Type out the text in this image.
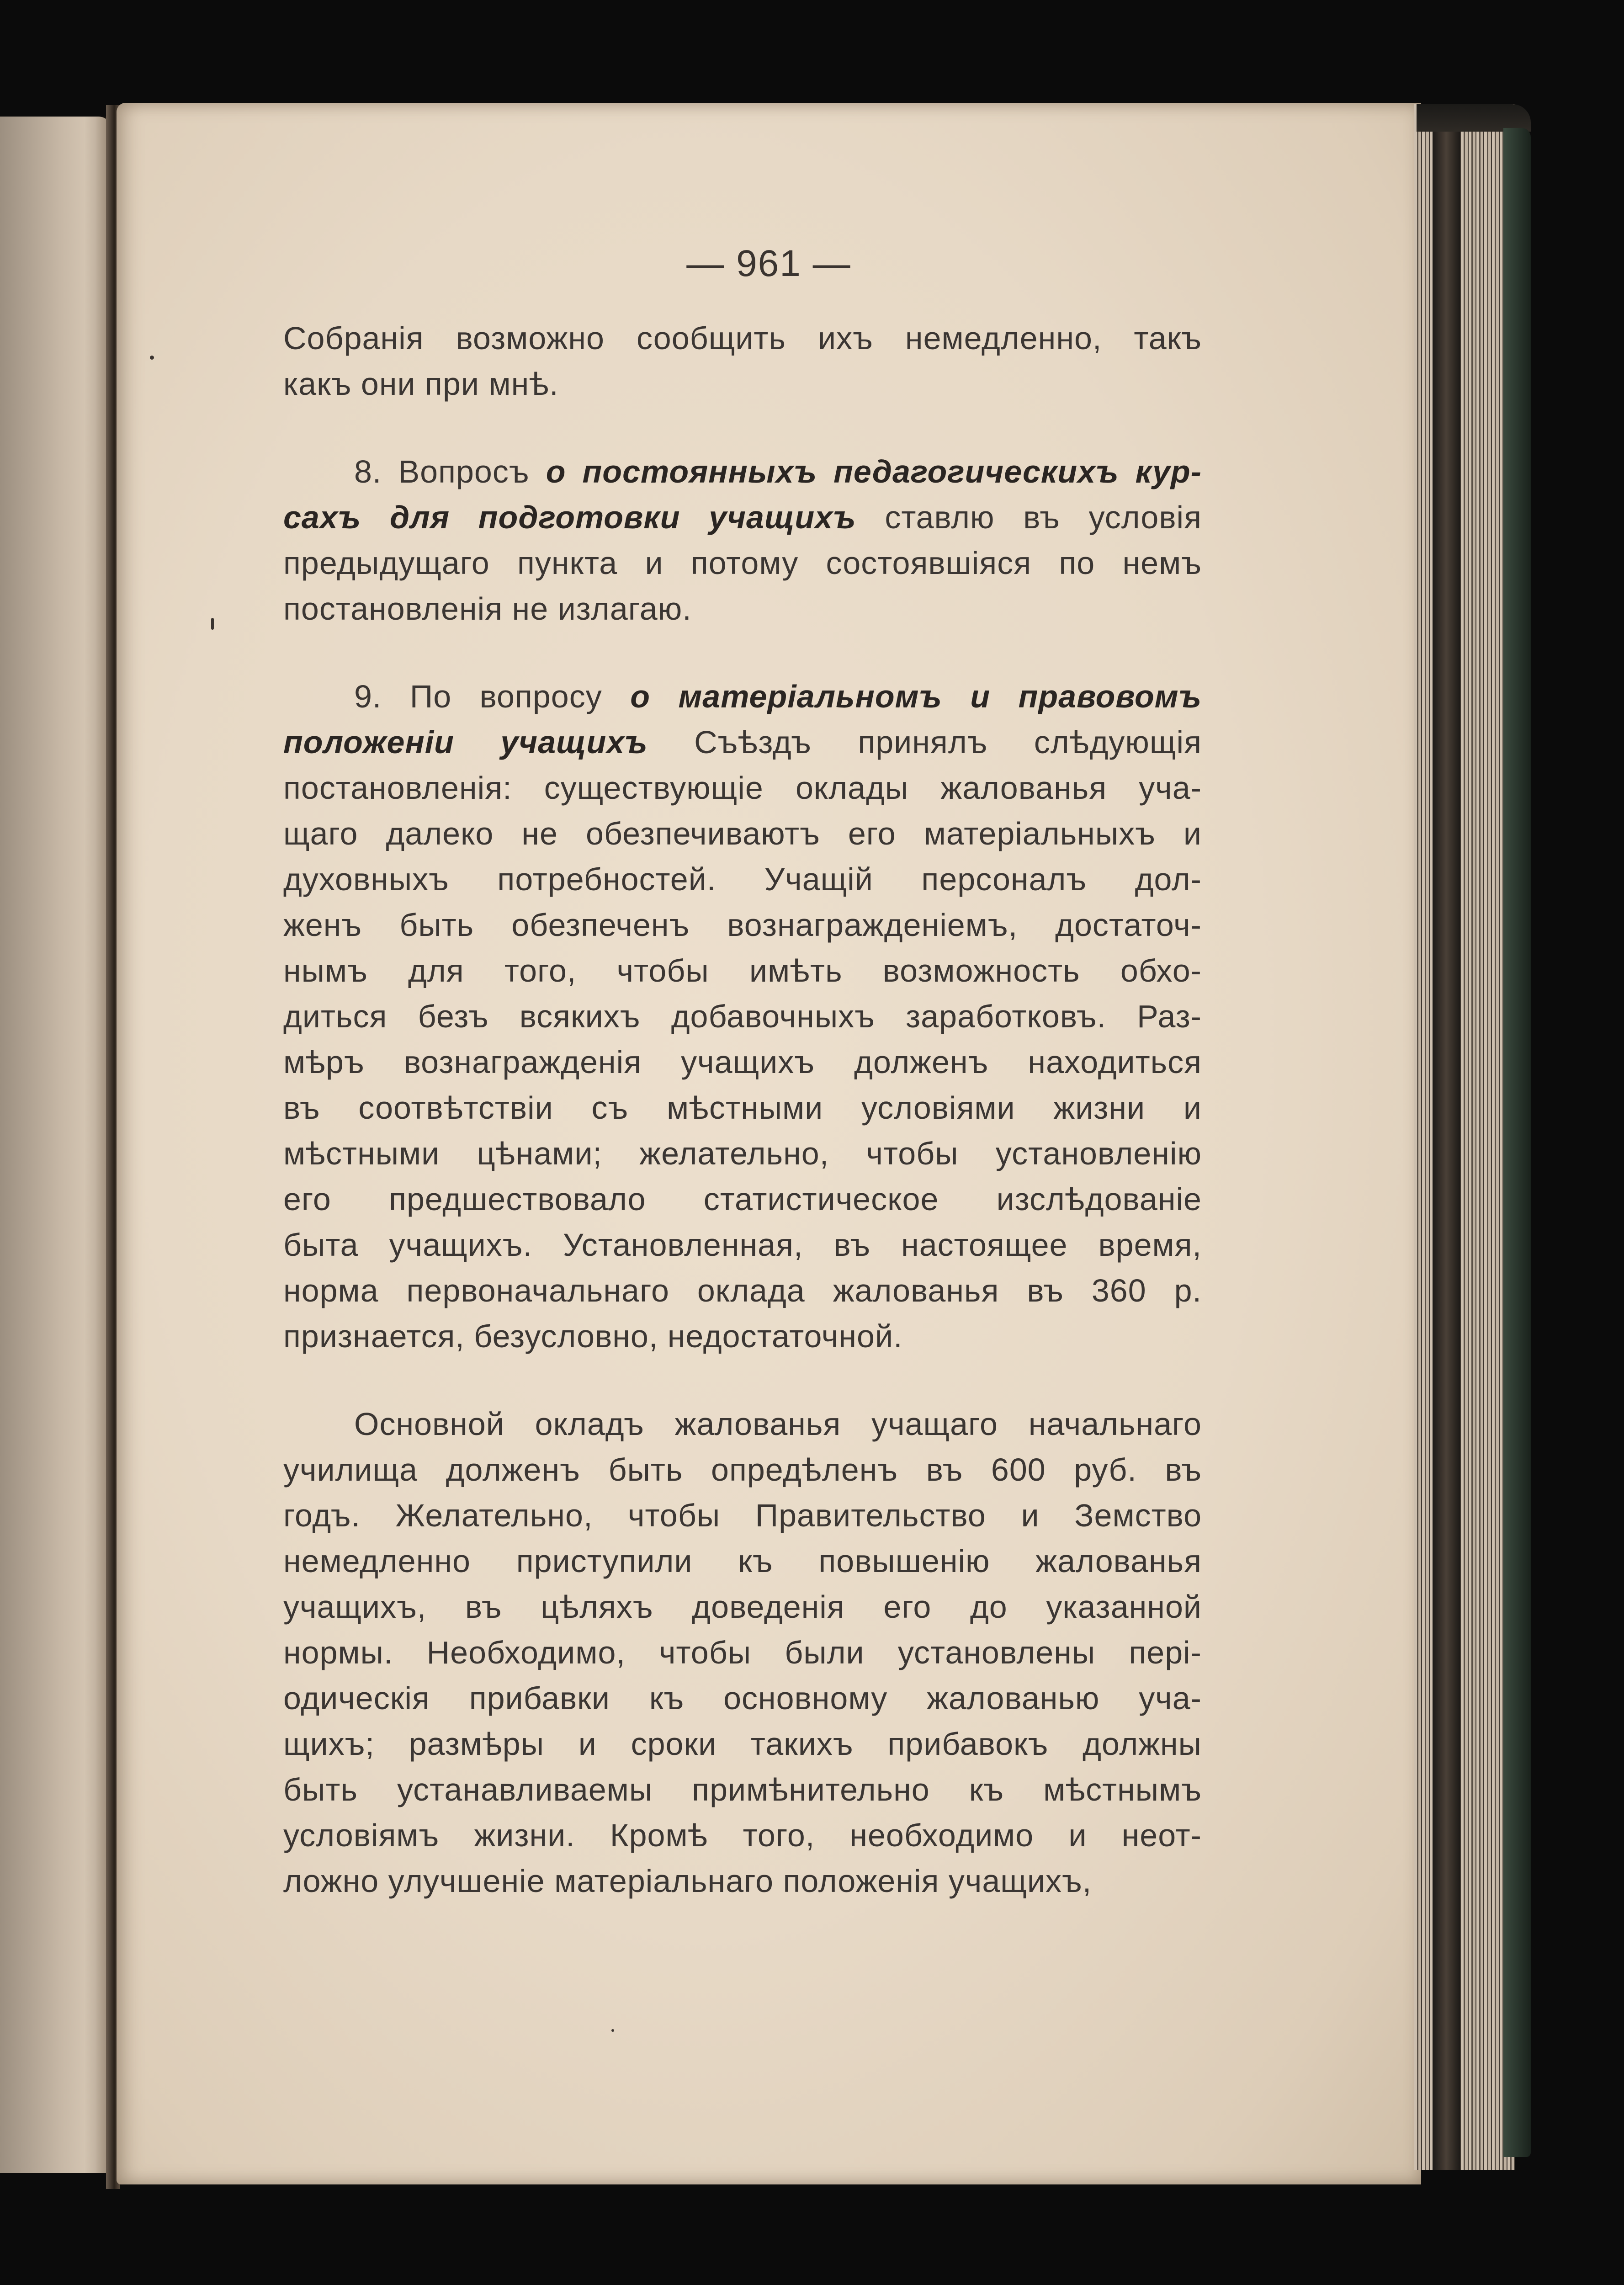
— 961 —
Собранія возможно сообщить ихъ немедленно, такъ
какъ они при мнѣ.
8. Вопросъ о постоянныхъ педагогическихъ кур-
сахъ для подготовки учащихъ ставлю въ условія
предыдущаго пункта и потому состоявшіяся по немъ
постановленія не излагаю.
9. По вопросу о матеріальномъ и правовомъ
положеніи учащихъ Съѣздъ принялъ слѣдующія
постановленія: существующіе оклады жалованья уча-
щаго далеко не обезпечиваютъ его матеріальныхъ и
духовныхъ потребностей. Учащій персоналъ дол-
женъ быть обезпеченъ вознагражденіемъ, достаточ-
нымъ для того, чтобы имѣть возможность обхо-
диться безъ всякихъ добавочныхъ заработковъ. Раз-
мѣръ вознагражденія учащихъ долженъ находиться
въ соотвѣтствіи съ мѣстными условіями жизни и
мѣстными цѣнами; желательно, чтобы установленію
его предшествовало статистическое изслѣдованіе
быта учащихъ. Установленная, въ настоящее время,
норма первоначальнаго оклада жалованья въ 360 р.
признается, безусловно, недостаточной.
Основной окладъ жалованья учащаго начальнаго
училища долженъ быть опредѣленъ въ 600 руб. въ
годъ. Желательно, чтобы Правительство и Земство
немедленно приступили къ повышенію жалованья
учащихъ, въ цѣляхъ доведенія его до указанной
нормы. Необходимо, чтобы были установлены пері-
одическія прибавки къ основному жалованью уча-
щихъ; размѣры и сроки такихъ прибавокъ должны
быть устанавливаемы примѣнительно къ мѣстнымъ
условіямъ жизни. Кромѣ того, необходимо и неот-
ложно улучшеніе матеріальнаго положенія учащихъ,
